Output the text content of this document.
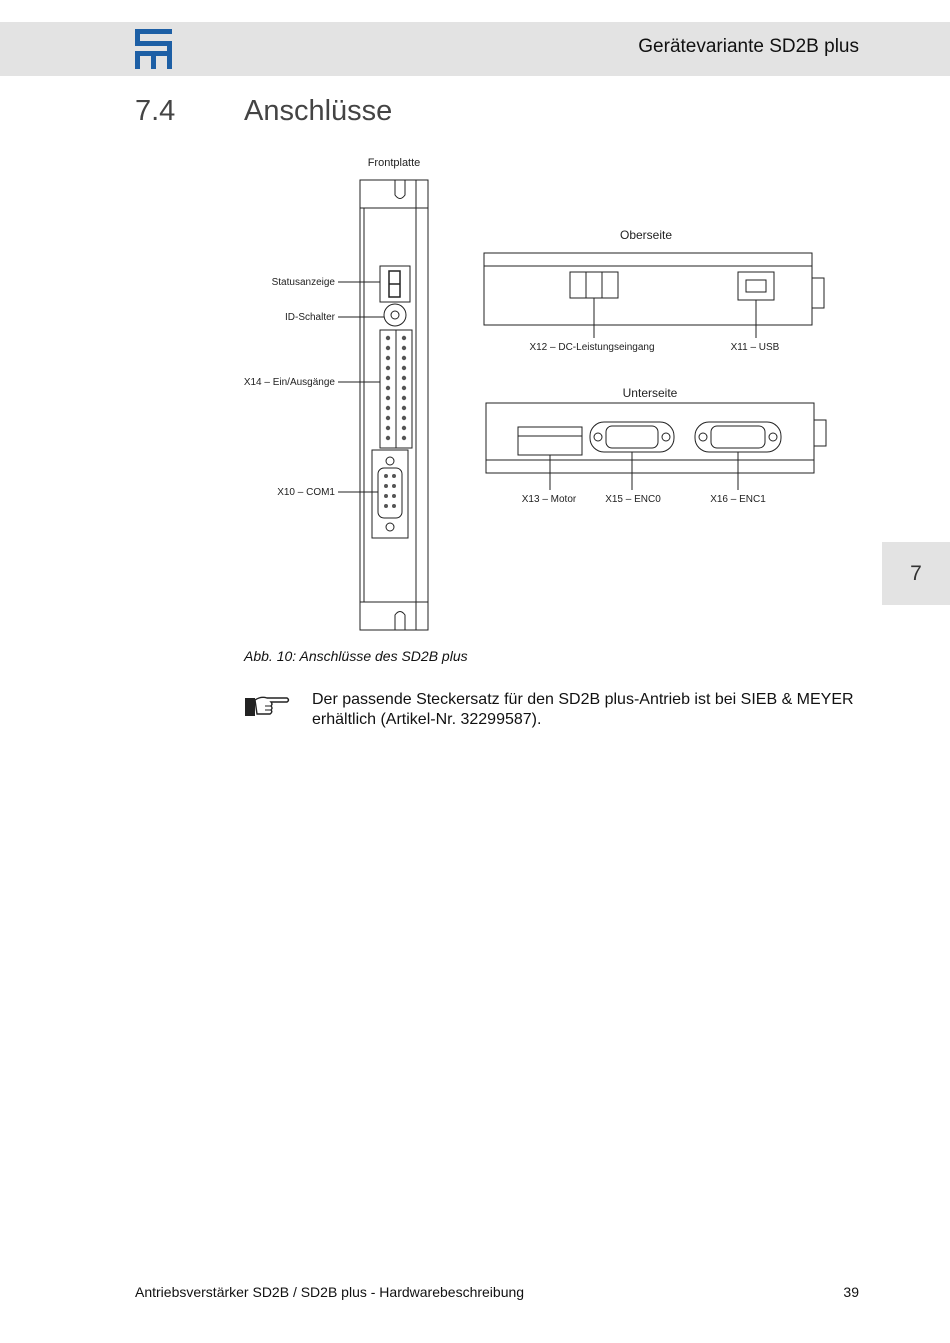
Gerätevariante SD2B plus
7.4 Anschlüsse
Frontplatte
Statusanzeige
ID-Schalter
X14 – Ein/Ausgänge
X10 – COM1
Oberseite
X12 – DC-Leistungseingang	X11 – USB
Unterseite
X13 – Motor	X15 – ENC0	X16 – ENC1
Abb. 10: Anschlüsse des SD2B plus
Der passende Steckersatz für den SD2B plus-Antrieb ist bei SIEB & MEYER erhältlich (Artikel-Nr. 32299587).
7
Antriebsverstärker SD2B / SD2B plus - Hardwarebeschreibung	39
